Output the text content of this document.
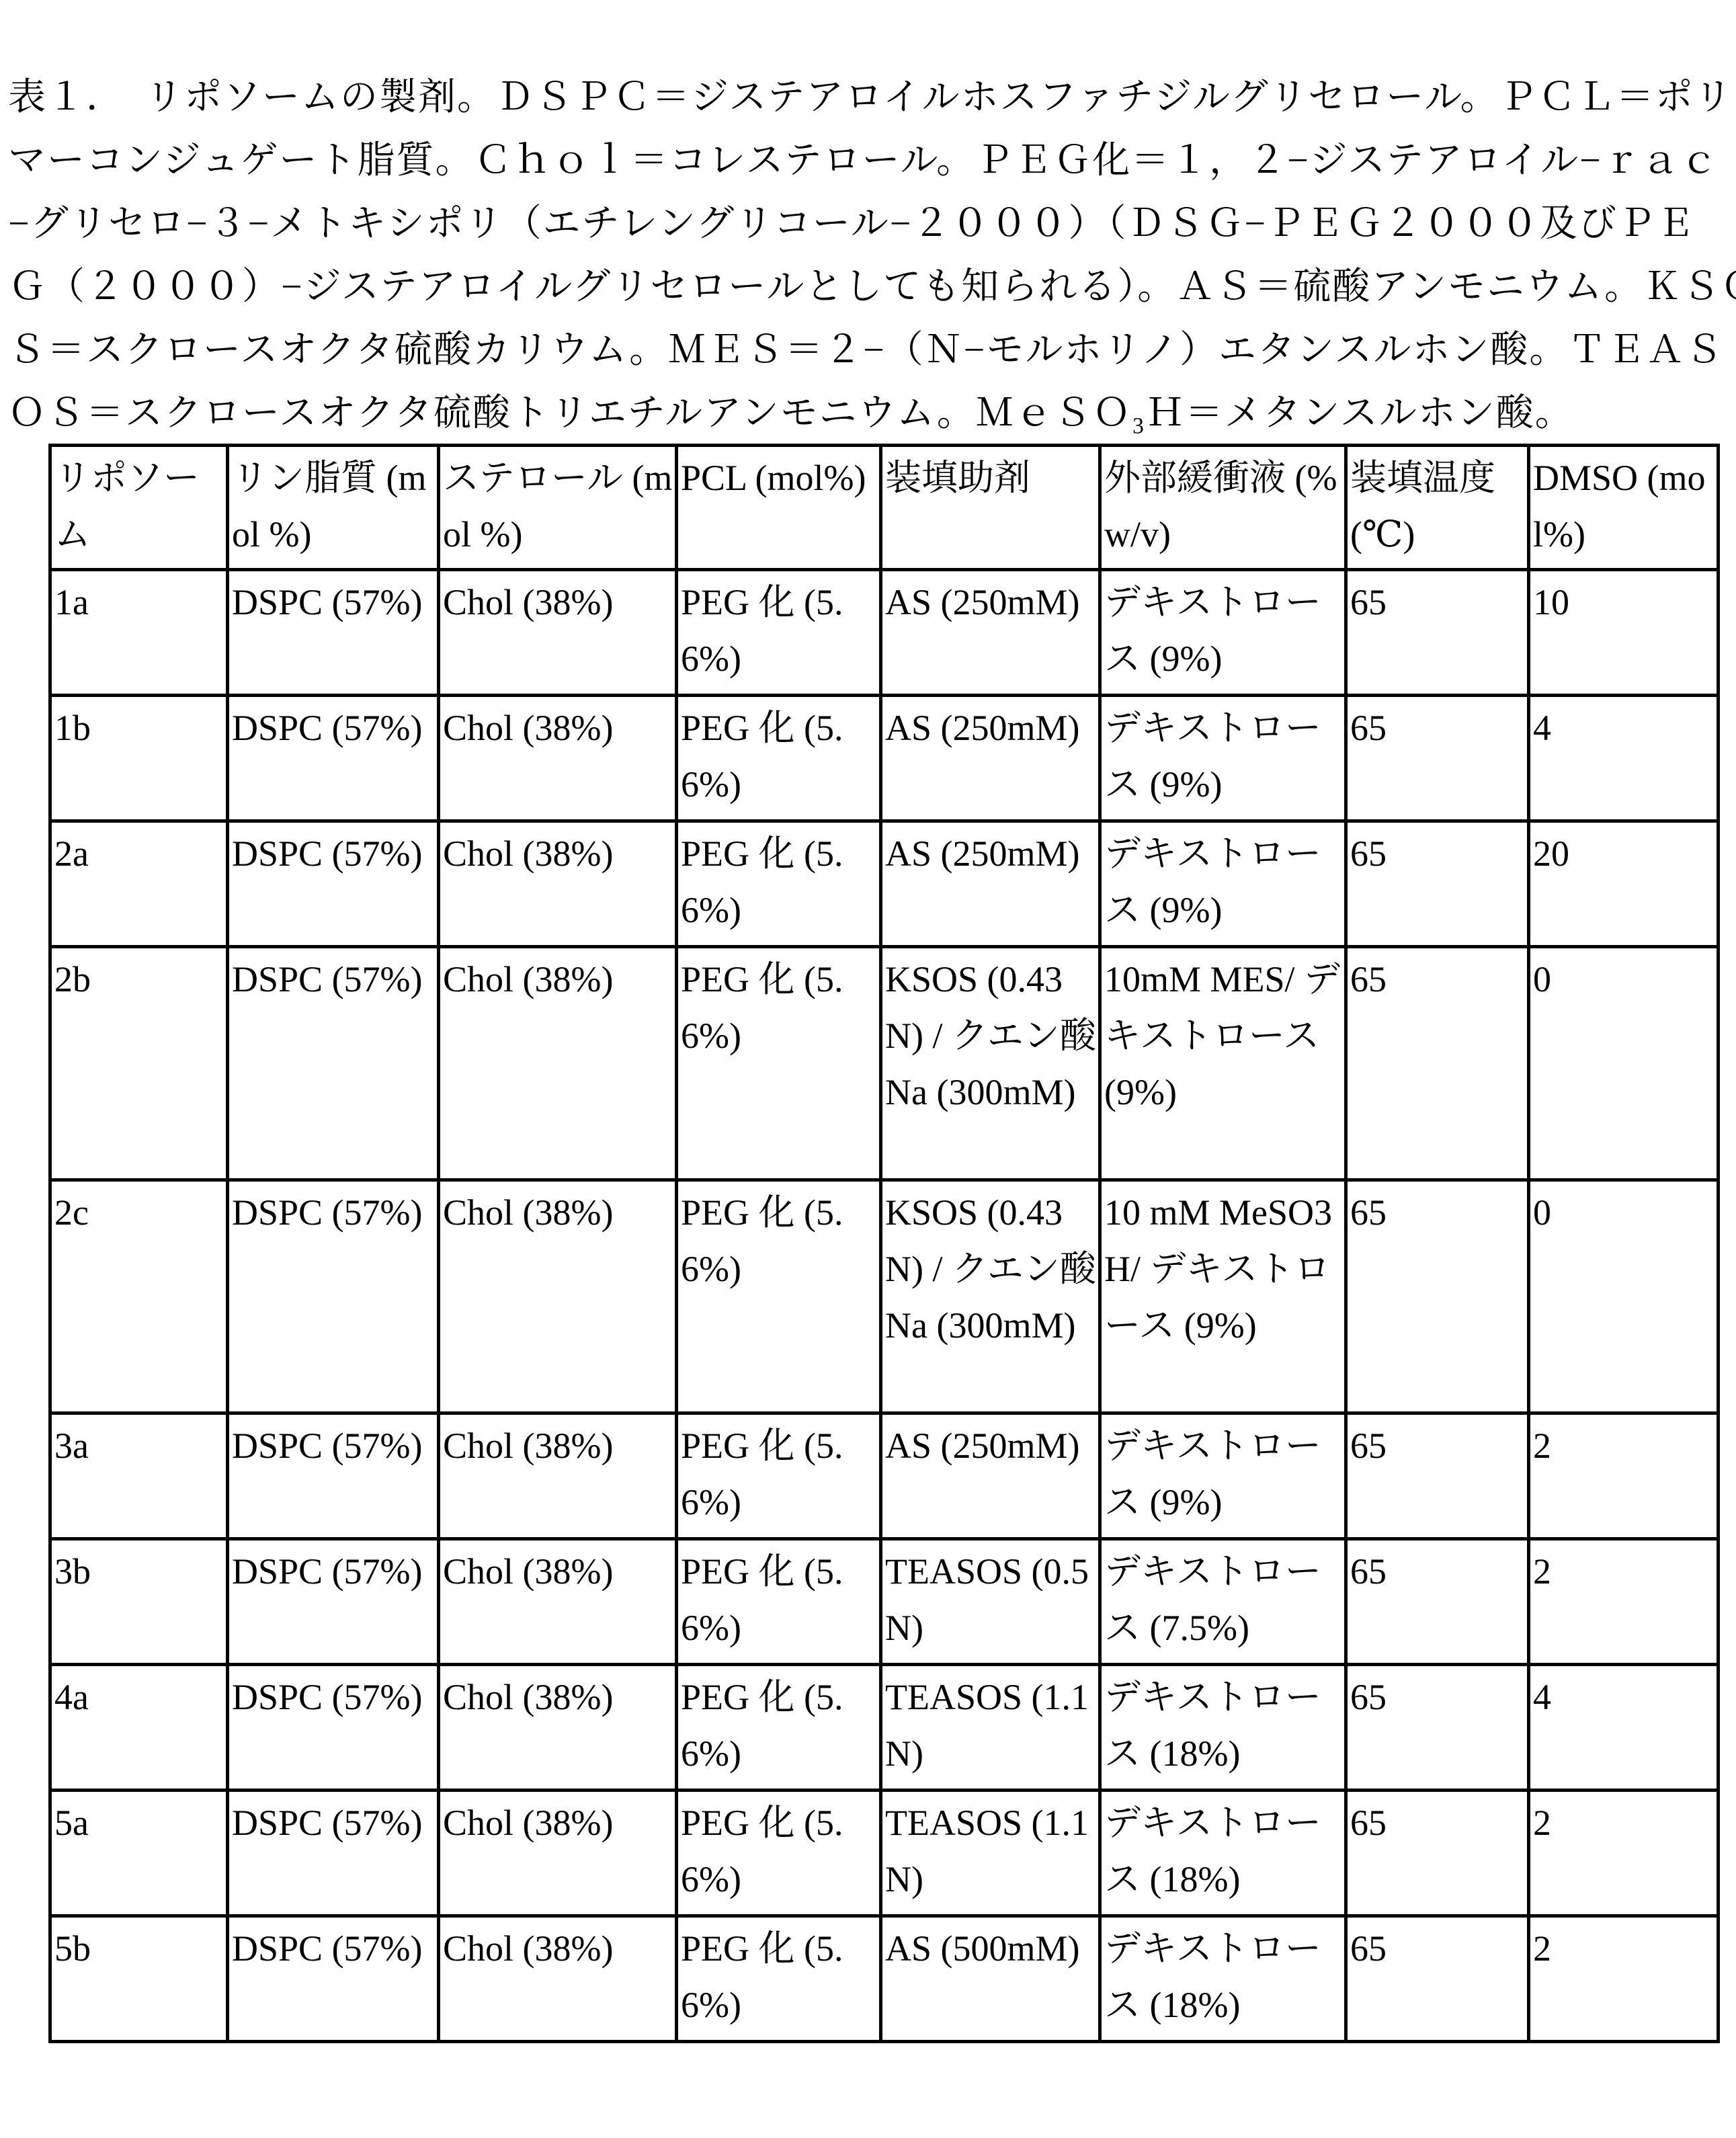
表１．　リポソームの製剤。ＤＳＰＣ＝ジステアロイルホスファチジルグリセロール。ＰＣＬ＝ポリ
マーコンジュゲート脂質。Ｃｈｏｌ＝コレステロール。ＰＥＧ化＝１，２−ジステアロイル−ｒａｃ
−グリセロ−３−メトキシポリ（エチレングリコール−２０００）（ＤＳＧ−ＰＥＧ２０００及びＰＥ
Ｇ（２０００）−ジステアロイルグリセロールとしても知られる）。ＡＳ＝硫酸アンモニウム。ＫＳＯ
Ｓ＝スクロースオクタ硫酸カリウム。ＭＥＳ＝２−（Ｎ−モルホリノ）エタンスルホン酸。ＴＥＡＳ
ＯＳ＝スクロースオクタ硫酸トリエチルアンモニウム。ＭｅＳＯ₃Ｈ＝メタンスルホン酸。
リポソーム	リン脂質 (mol %)	ステロール (mol %)	PCL (mol%)	装填助剤	外部緩衝液 (% w/v)	装填温度 (℃)	DMSO (mol%)
1a	DSPC (57%)	Chol (38%)	PEG 化 (5.6%)	AS (250mM)	デキストロース (9%)	65	10
1b	DSPC (57%)	Chol (38%)	PEG 化 (5.6%)	AS (250mM)	デキストロース (9%)	65	4
2a	DSPC (57%)	Chol (38%)	PEG 化 (5.6%)	AS (250mM)	デキストロース (9%)	65	20
2b	DSPC (57%)	Chol (38%)	PEG 化 (5.6%)	KSOS (0.43N) / クエン酸 Na (300mM)	10mM MES/ デキストロース (9%)	65	0
2c	DSPC (57%)	Chol (38%)	PEG 化 (5.6%)	KSOS (0.43N) / クエン酸 Na (300mM)	10 mM MeSO3H/ デキストロース (9%)	65	0
3a	DSPC (57%)	Chol (38%)	PEG 化 (5.6%)	AS (250mM)	デキストロース (9%)	65	2
3b	DSPC (57%)	Chol (38%)	PEG 化 (5.6%)	TEASOS (0.5N)	デキストロース (7.5%)	65	2
4a	DSPC (57%)	Chol (38%)	PEG 化 (5.6%)	TEASOS (1.1N)	デキストロース (18%)	65	4
5a	DSPC (57%)	Chol (38%)	PEG 化 (5.6%)	TEASOS (1.1N)	デキストロース (18%)	65	2
5b	DSPC (57%)	Chol (38%)	PEG 化 (5.6%)	AS (500mM)	デキストロース (18%)	65	2
